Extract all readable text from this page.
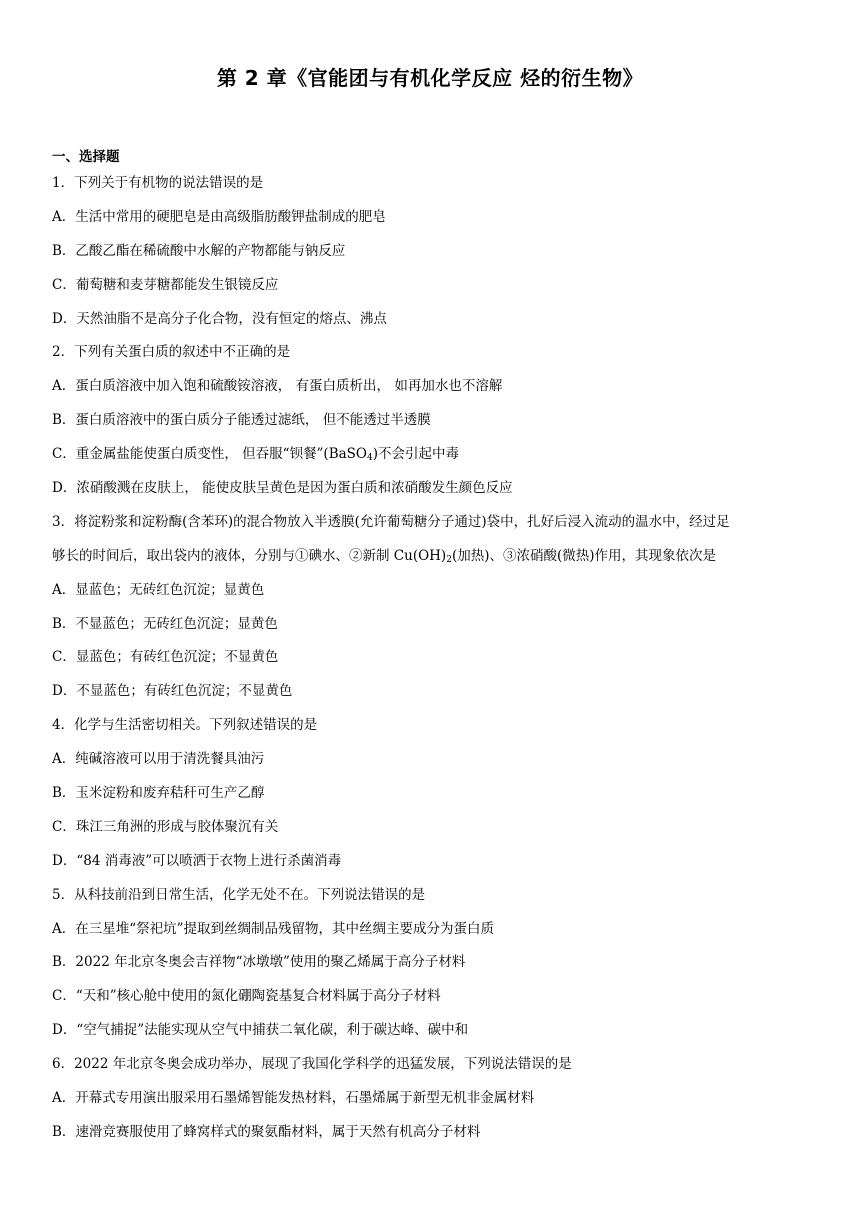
第 2 章《官能团与有机化学反应 烃的衍生物》
一、选择题
1．下列关于有机物的说法错误的是
A．生活中常用的硬肥皂是由高级脂肪酸钾盐制成的肥皂
B．乙酸乙酯在稀硫酸中水解的产物都能与钠反应
C．葡萄糖和麦芽糖都能发生银镜反应
D．天然油脂不是高分子化合物，没有恒定的熔点、沸点
2．下列有关蛋白质的叙述中不正确的是
A．蛋白质溶液中加入饱和硫酸铵溶液， 有蛋白质析出， 如再加水也不溶解
B．蛋白质溶液中的蛋白质分子能透过滤纸， 但不能透过半透膜
C．重金属盐能使蛋白质变性， 但吞服“钡餐”(BaSO$_4$)不会引起中毒
D．浓硝酸溅在皮肤上， 能使皮肤呈黄色是因为蛋白质和浓硝酸发生颜色反应
3．将淀粉浆和淀粉酶(含苯环)的混合物放入半透膜(允许葡萄糖分子通过)袋中，扎好后浸入流动的温水中，经过足
够长的时间后，取出袋内的液体，分别与①碘水、②新制 $Cu(OH)_2$(加热)、③浓硝酸(微热)作用，其现象依次是
A．显蓝色；无砖红色沉淀；显黄色
B．不显蓝色；无砖红色沉淀；显黄色
C．显蓝色；有砖红色沉淀；不显黄色
D．不显蓝色；有砖红色沉淀；不显黄色
4．化学与生活密切相关。下列叙述错误的是
A．纯碱溶液可以用于清洗餐具油污
B．玉米淀粉和废弃秸秆可生产乙醇
C．珠江三角洲的形成与胶体聚沉有关
D．“84 消毒液”可以喷洒于衣物上进行杀菌消毒
5．从科技前沿到日常生活，化学无处不在。下列说法错误的是
A．在三星堆“祭祀坑”提取到丝绸制品残留物，其中丝绸主要成分为蛋白质
B．2022 年北京冬奥会吉祥物“冰墩墩”使用的聚乙烯属于高分子材料
C．“天和”核心舱中使用的氮化硼陶瓷基复合材料属于高分子材料
D．“空气捕捉”法能实现从空气中捕获二氧化碳，利于碳达峰、碳中和
6．2022 年北京冬奥会成功举办，展现了我国化学科学的迅猛发展，下列说法错误的是
A．开幕式专用演出服采用石墨烯智能发热材料，石墨烯属于新型无机非金属材料
B．速滑竞赛服使用了蜂窝样式的聚氨酯材料，属于天然有机高分子材料
